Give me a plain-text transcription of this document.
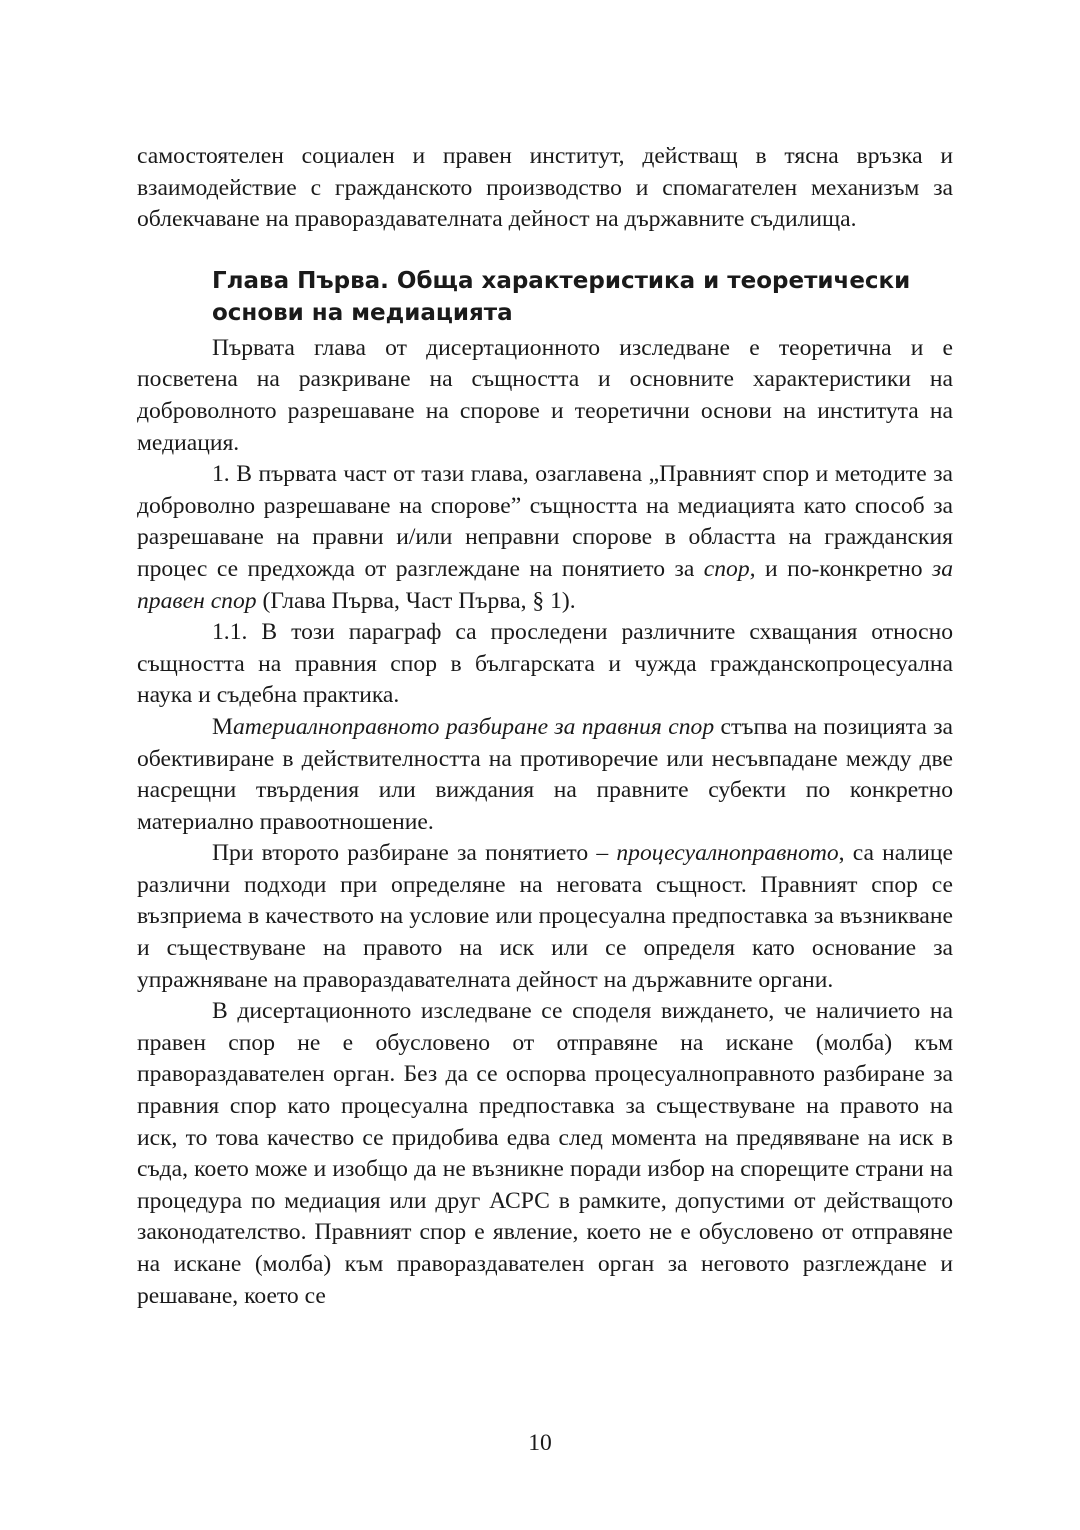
самостоятелен социален и правен институт, действащ в тясна връзка и взаимодействие с гражданското производство и спомагателен механизъм за облекчаване на правораздавателната дейност на държавните съдилища.

Глава Първа. Обща характеристика и теоретически основи на медиацията

Първата глава от дисертационното изследване е теоретична и е посветена на разкриване на същността и основните характеристики на доброволното разрешаване на спорове и теоретични основи на института на медиация.

1. В първата част от тази глава, озаглавена „Правният спор и методите за доброволно разрешаване на спорове” същността на медиацията като способ за разрешаване на правни и/или неправни спорове в областта на гражданския процес се предхожда от разглеждане на понятието за спор, и по-конкретно за правен спор (Глава Първа, Част Първа, § 1).

1.1. В този параграф са проследени различните схващания относно същността на правния спор в българската и чужда гражданскопроцесуална наука и съдебна практика.

Материалноправното разбиране за правния спор стъпва на позицията за обективиране в действителността на противоречие или несъвпадане между две насрещни твърдения или виждания на правните субекти по конкретно материално правоотношение.

При второто разбиране за понятието – процесуалноправното, са налице различни подходи при определяне на неговата същност. Правният спор се възприема в качеството на условие или процесуална предпоставка за възникване и съществуване на правото на иск или се определя като основание за упражняване на правораздавателната дейност на държавните органи.

В дисертационното изследване се споделя виждането, че наличието на правен спор не е обусловено от отправяне на искане (молба) към правораздавателен орган. Без да се оспорва процесуалноправното разбиране за правния спор като процесуална предпоставка за съществуване на правото на иск, то това качество се придобива едва след момента на предявяване на иск в съда, което може и изобщо да не възникне поради избор на спорещите страни на процедура по медиация или друг АСРС в рамките, допустими от действащото законодателство. Правният спор е явление, което не е обусловено от отправяне на искане (молба) към правораздавателен орган за неговото разглеждане и решаване, което се

10
